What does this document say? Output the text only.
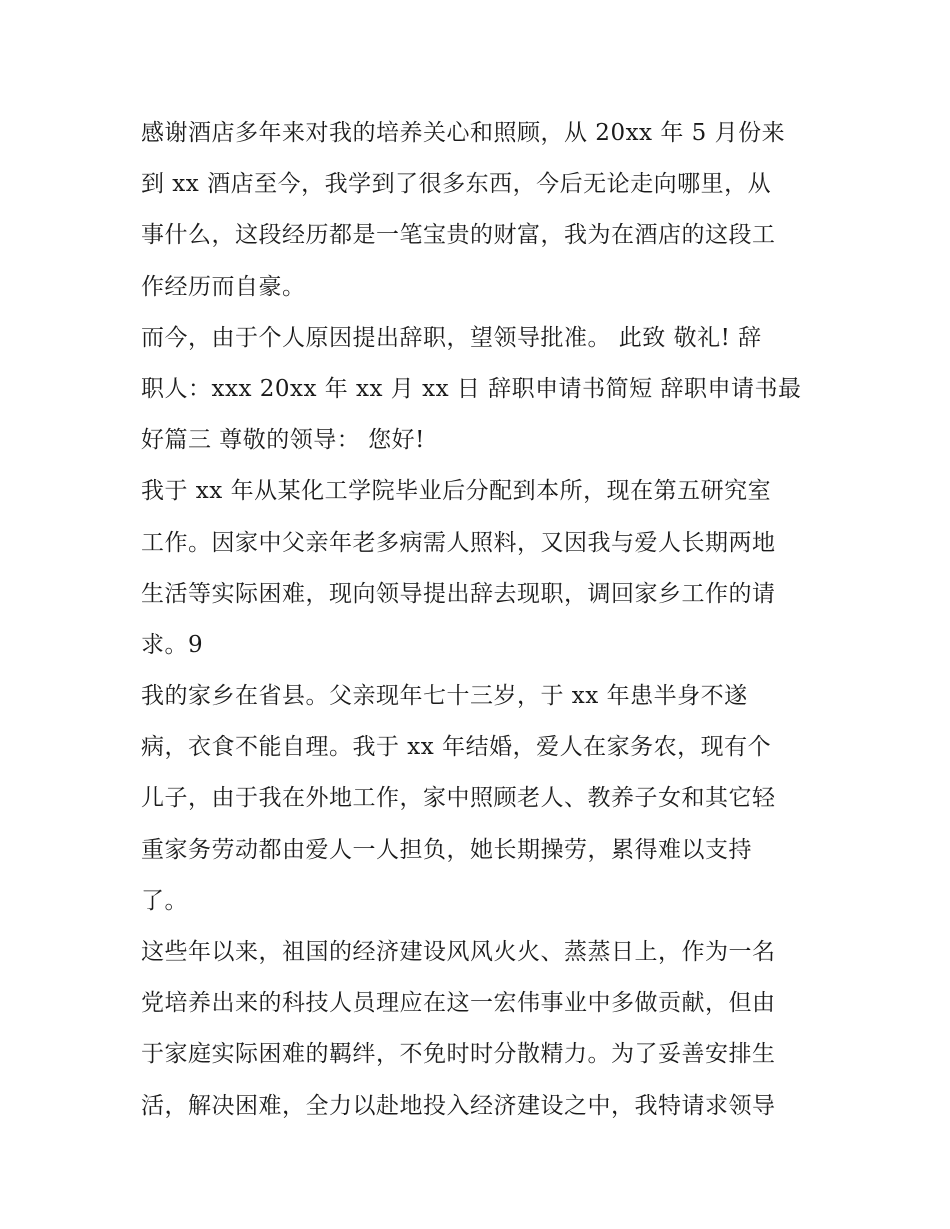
感谢酒店多年来对我的培养关心和照顾，从 20xx 年 5 月份来
到 xx 酒店至今，我学到了很多东西，今后无论走向哪里，从
事什么，这段经历都是一笔宝贵的财富，我为在酒店的这段工
作经历而自豪。
而今，由于个人原因提出辞职，望领导批准。 此致 敬礼! 辞
职人：xxx 20xx 年 xx 月 xx 日 辞职申请书简短 辞职申请书最
好篇三 尊敬的领导： 您好!
我于 xx 年从某化工学院毕业后分配到本所，现在第五研究室
工作。因家中父亲年老多病需人照料，又因我与爱人长期两地
生活等实际困难，现向领导提出辞去现职，调回家乡工作的请
求。9
我的家乡在省县。父亲现年七十三岁，于 xx 年患半身不遂
病，衣食不能自理。我于 xx 年结婚，爱人在家务农，现有个
儿子，由于我在外地工作，家中照顾老人、教养子女和其它轻
重家务劳动都由爱人一人担负，她长期操劳，累得难以支持
了。
这些年以来，祖国的经济建设风风火火、蒸蒸日上，作为一名
党培养出来的科技人员理应在这一宏伟事业中多做贡献，但由
于家庭实际困难的羁绊，不免时时分散精力。为了妥善安排生
活，解决困难，全力以赴地投入经济建设之中，我特请求领导
